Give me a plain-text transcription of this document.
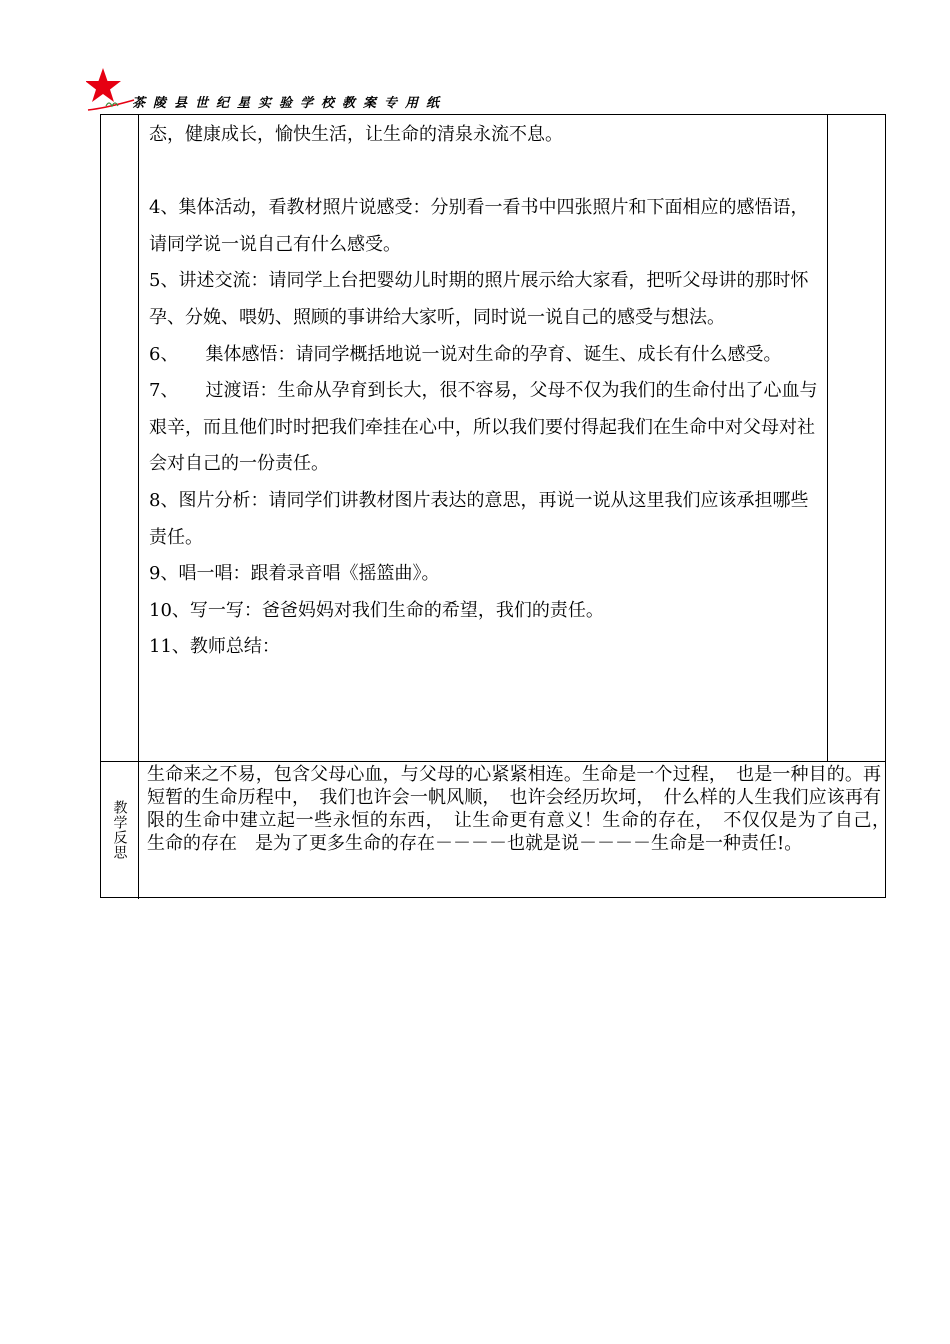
茶陵县世纪星实验学校教案专用纸

态，健康成长，愉快生活，让生命的清泉永流不息。

4、集体活动，看教材照片说感受：分别看一看书中四张照片和下面相应的感悟语，请同学说一说自己有什么感受。

5、讲述交流：请同学上台把婴幼儿时期的照片展示给大家看，把听父母讲的那时怀孕、分娩、喂奶、照顾的事讲给大家听，同时说一说自己的感受与想法。

6、　　集体感悟：请同学概括地说一说对生命的孕育、诞生、成长有什么感受。

7、　　过渡语：生命从孕育到长大，很不容易，父母不仅为我们的生命付出了心血与艰辛，而且他们时时把我们牵挂在心中，所以我们要付得起我们在生命中对父母对社会对自己的一份责任。

8、图片分析：请同学们讲教材图片表达的意思，再说一说从这里我们应该承担哪些责任。

9、唱一唱：跟着录音唱《摇篮曲》。

10、写一写：爸爸妈妈对我们生命的希望，我们的责任。

11、教师总结：

教学反思
生命来之不易，包含父母心血，与父母的心紧紧相连。生命是一个过程，　也是一种目的。再短暂的生命历程中，　我们也许会一帆风顺，　也许会经历坎坷，　什么样的人生我们应该再有限的生命中建立起一些永恒的东西，　让生命更有意义！生命的存在，　不仅仅是为了自己，　生命的存在　是为了更多生命的存在－－－－也就是说－－－－生命是一种责任!。
